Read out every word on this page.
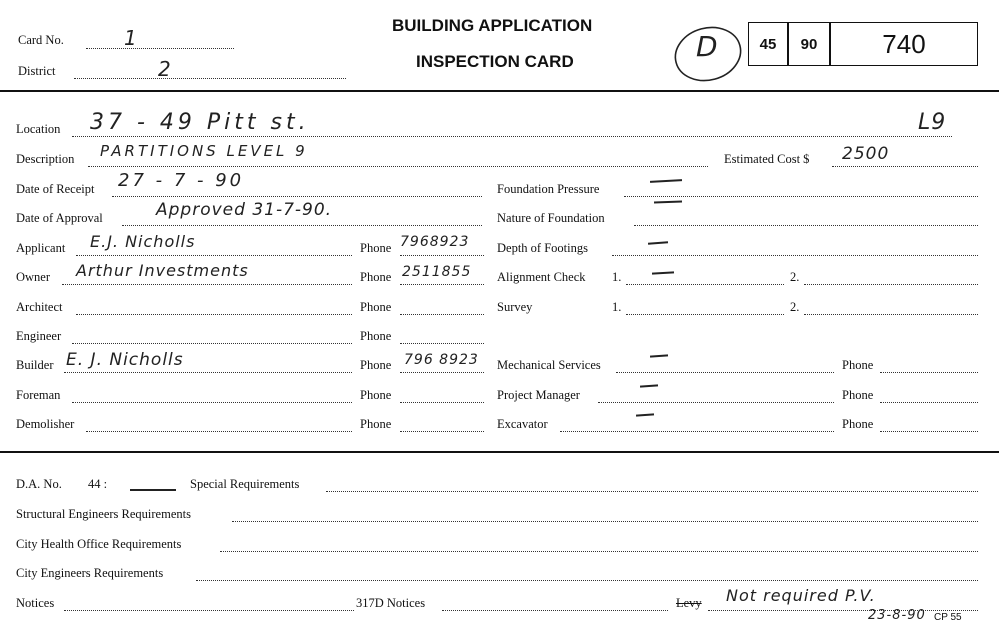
Card No.	1
District	2
BUILDING APPLICATION
INSPECTION CARD	D	45	90	740
Location 37 - 49 Pitt st.	L9
Description PARTITIONS LEVEL 9	Estimated Cost $ 2500
Date of Receipt 27 - 7 - 90
Date of Approval	Approved 31-7-90.
Applicant E.J. Nicholls	Phone 7968923
Owner Arthur Investments	Phone 2511855
Architect	Phone
Engineer	Phone
Builder E. J. Nicholls	Phone 796 8923
Foreman	Phone
Demolisher	Phone
Foundation Pressure
Nature of Foundation
Depth of Footings
Alignment Check 1.	2.
Survey	1.	2.
Mechanical Services	Phone
Project Manager	Phone
Excavator	Phone
D.A. No. 44 :	Special Requirements
Structural Engineers Requirements
City Health Office Requirements
City Engineers Requirements
Notices	317D Notices	Levy Not required P.V.
23-8-90 CP 55
